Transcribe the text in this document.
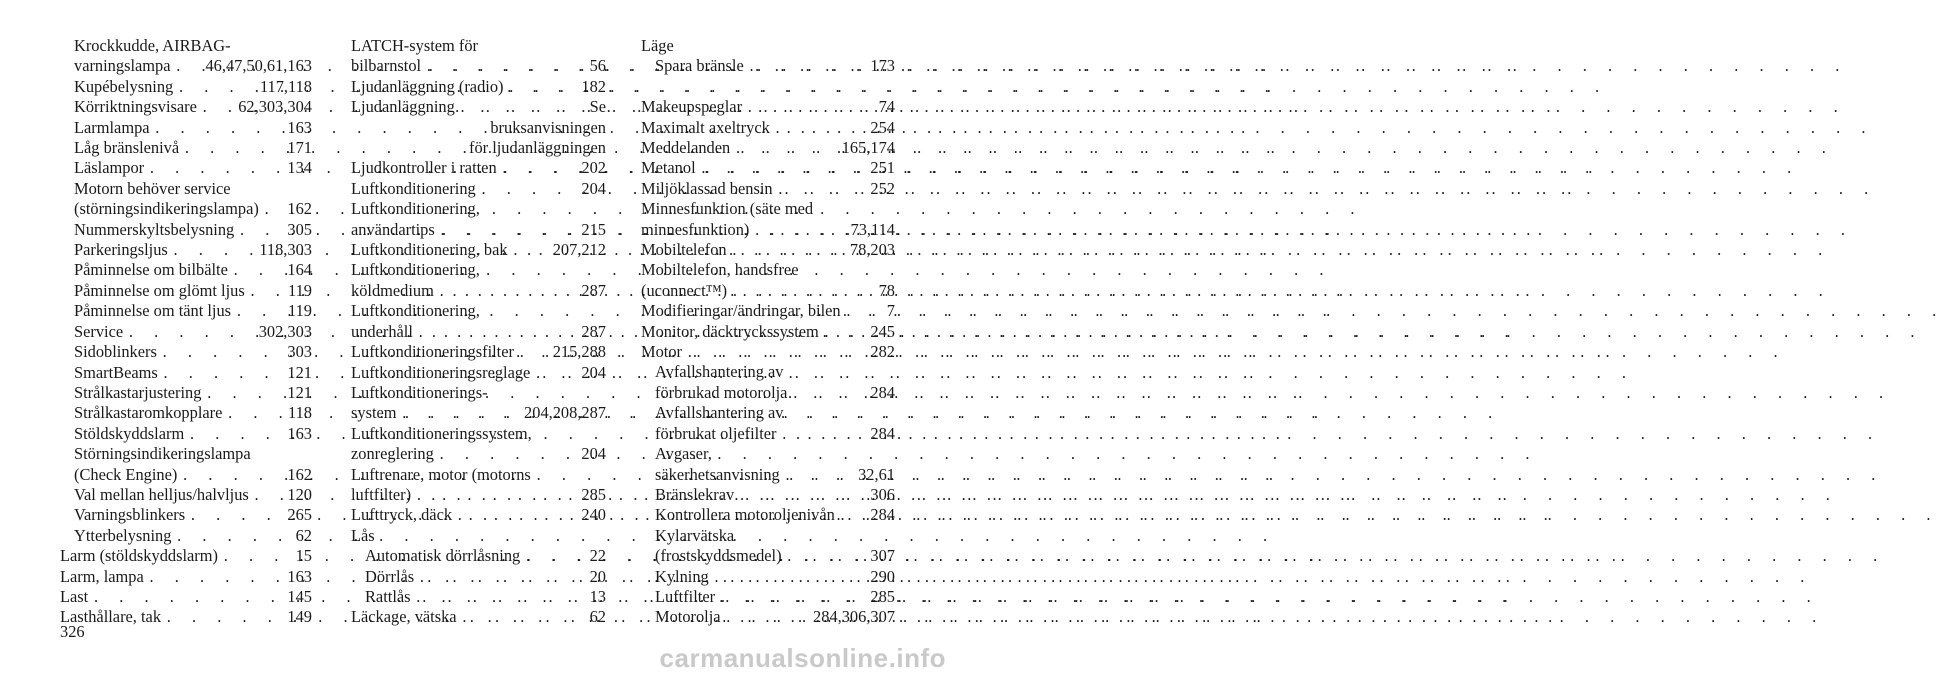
Krockkudde, AIRBAG-
varningslampa . . . 46,47,50,61,163
Kupébelysning . . .	117,118
Körriktningsvisare . . .	62,303,304
Larmlampa . . .	163
Låg bränslenivå . . .	171
Läslampor . . .	134
Motorn behöver service
(störningsindikeringslampa) . . . 162
Nummerskyltsbelysning . . .	305
Parkeringsljus . . .	118,303
Påminnelse om bilbälte . . .	164
Påminnelse om glömt ljus . . .	119
Påminnelse om tänt ljus . . .	119
Service . . .	302,303
Sidoblinkers . . .	303
SmartBeams . . .	121
Strålkastarjustering . . .	121
Strålkastaromkopplare . . .	118
Stöldskyddslarm . . .	163
Störningsindikeringslampa
(Check Engine) . . .	162
Val mellan helljus/halvljus . . . 120
Varningsblinkers . . .	265
Ytterbelysning . . .	62
Larm (stöldskyddslarm) . . .	15
Larm, lampa . . .	163
Last . . .	145
Lasthållare, tak . . .	149
LATCH-system för
bilbarnstol . . .	56
Ljudanläggning (radio) . . .	182
Ljudanläggning . . .	Se
bruksanvisningen
för ljudanläggningen
Ljudkontroller i ratten . . .	202
Luftkonditionering . . .	204
Luftkonditionering,
användartips . . .	215
Luftkonditionering, bak . . .	207,212
Luftkonditionering,
köldmedium . . .	287
Luftkonditionering,
underhåll . . .	287
Luftkonditioneringsfilter . . . 215,288
Luftkonditioneringsreglage . . .	204
Luftkonditionerings-
system . . .	204,208,287
Luftkonditioneringssystem,
zonreglering . . .	204
Luftrenare, motor (motorns
luftfilter) . . .	285
Lufttryck, däck . . .	240
Lås
Automatisk dörrlåsning . . .	22
Dörrlås . . .	20
Rattlås . . .	13
Läckage, vätska . . .	62
Läge
Spara bränsle . . .	173
Makeupspeglar . . .	74
Maximalt axeltryck . . .	254
Meddelanden . . .	165,174
Metanol . . .	251
Miljöklassad bensin . . .	252
Minnesfunktion (säte med
minnesfunktion) . . .	73,114
Mobiltelefon . . .	78,203
Mobiltelefon, handsfree
(uconnect™) . . .	78
Modifieringar/ändringar, bilen . . .	7
Monitor, däcktryckssystem . . .	245
Motor . . .	282
Avfallshantering av
förbrukad motorolja . . .	284
Avfallshantering av
förbrukat oljefilter . . .	284
Avgaser,
säkerhetsanvisning . . .	32,61
Bränslekrav . . .	306
Kontrollera motoroljenivån . . . 284
Kylarvätska
(frostskyddsmedel) . . .	307
Kylning . . .	290
Luftfilter . . .	285
Motorolja . . .	284,306,307
326
carmanualsonline.info
